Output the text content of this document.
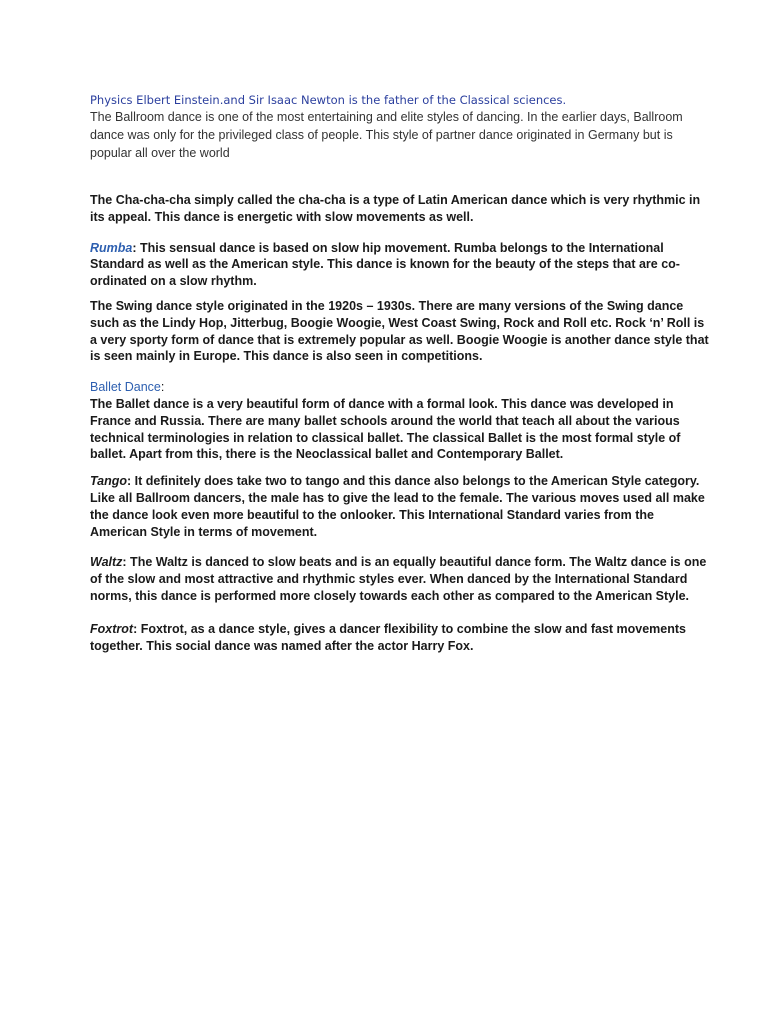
Physics Elbert Einstein.and Sir Isaac Newton is the father of the Classical sciences.
The Ballroom dance is one of the most entertaining and elite styles of dancing. In the earlier days, Ballroom dance was only for the privileged class of people. This style of partner dance originated in Germany but is popular all over the world

The Cha-cha-cha simply called the cha-cha is a type of Latin American dance which is very rhythmic in its appeal. This dance is energetic with slow movements as well.

Rumba: This sensual dance is based on slow hip movement. Rumba belongs to the International Standard as well as the American style. This dance is known for the beauty of the steps that are co-ordinated on a slow rhythm.

The Swing dance style originated in the 1920s – 1930s. There are many versions of the Swing dance such as the Lindy Hop, Jitterbug, Boogie Woogie, West Coast Swing, Rock and Roll etc. Rock ‘n’ Roll is a very sporty form of dance that is extremely popular as well. Boogie Woogie is another dance style that is seen mainly in Europe. This dance is also seen in competitions.

Ballet Dance:

The Ballet dance is a very beautiful form of dance with a formal look. This dance was developed in France and Russia. There are many ballet schools around the world that teach all about the various technical terminologies in relation to classical ballet. The classical Ballet is the most formal style of ballet. Apart from this, there is the Neoclassical ballet and Contemporary Ballet.

Tango: It definitely does take two to tango and this dance also belongs to the American Style category. Like all Ballroom dancers, the male has to give the lead to the female. The various moves used all make the dance look even more beautiful to the onlooker. This International Standard varies from the American Style in terms of movement.

Waltz: The Waltz is danced to slow beats and is an equally beautiful dance form. The Waltz dance is one of the slow and most attractive and rhythmic styles ever. When danced by the International Standard norms, this dance is performed more closely towards each other as compared to the American Style.

Foxtrot: Foxtrot, as a dance style, gives a dancer flexibility to combine the slow and fast movements together. This social dance was named after the actor Harry Fox.
